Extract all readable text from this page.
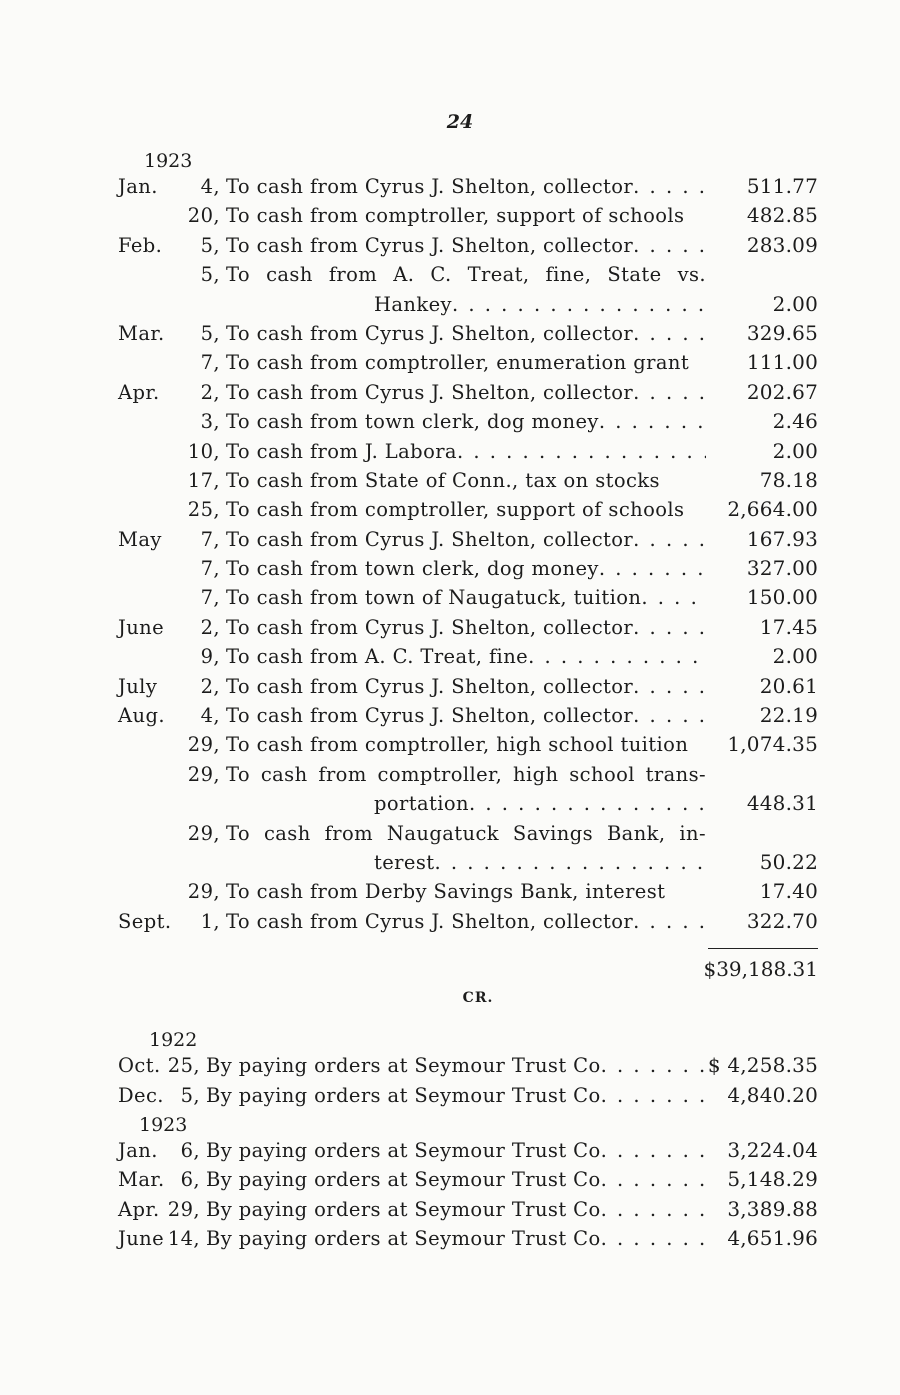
24
1923
Jan.	4, To cash from Cyrus J. Shelton, collector . . .	511.77
20, To cash from comptroller, support of schools	482.85
Feb.	5, To cash from Cyrus J. Shelton, collector . . .	283.09
5, To cash from A. C. Treat, fine, State vs.
Hankey . . .	2.00
Mar.	5, To cash from Cyrus J. Shelton, collector . . .	329.65
7, To cash from comptroller, enumeration grant	111.00
Apr.	2, To cash from Cyrus J. Shelton, collector . . .	202.67
3, To cash from town clerk, dog money . . .	2.46
10, To cash from J. Labora . . .	2.00
17, To cash from State of Conn., tax on stocks	78.18
25, To cash from comptroller, support of schools	2,664.00
May	7, To cash from Cyrus J. Shelton, collector . . .	167.93
7, To cash from town clerk, dog money . . .	327.00
7, To cash from town of Naugatuck, tuition . . .	150.00
June	2, To cash from Cyrus J. Shelton, collector . . .	17.45
9, To cash from A. C. Treat, fine . . .	2.00
July	2, To cash from Cyrus J. Shelton, collector . . .	20.61
Aug.	4, To cash from Cyrus J. Shelton, collector . . .	22.19
29, To cash from comptroller, high school tuition	1,074.35
29, To cash from comptroller, high school trans-
portation . . .	448.31
29, To cash from Naugatuck Savings Bank, in-
terest . . .	50.22
29, To cash from Derby Savings Bank, interest	17.40
Sept.	1, To cash from Cyrus J. Shelton, collector . . .	322.70
$39,188.31
CR.
1922
Oct. 25, By paying orders at Seymour Trust Co . . .	$ 4,258.35
Dec. 5, By paying orders at Seymour Trust Co . . .	4,840.20
1923
Jan.	6, By paying orders at Seymour Trust Co . . .	3,224.04
Mar. 6, By paying orders at Seymour Trust Co . . .	5,148.29
Apr. 29, By paying orders at Seymour Trust Co . . .	3,389.88
June 14, By paying orders at Seymour Trust Co . . .	4,651.96
